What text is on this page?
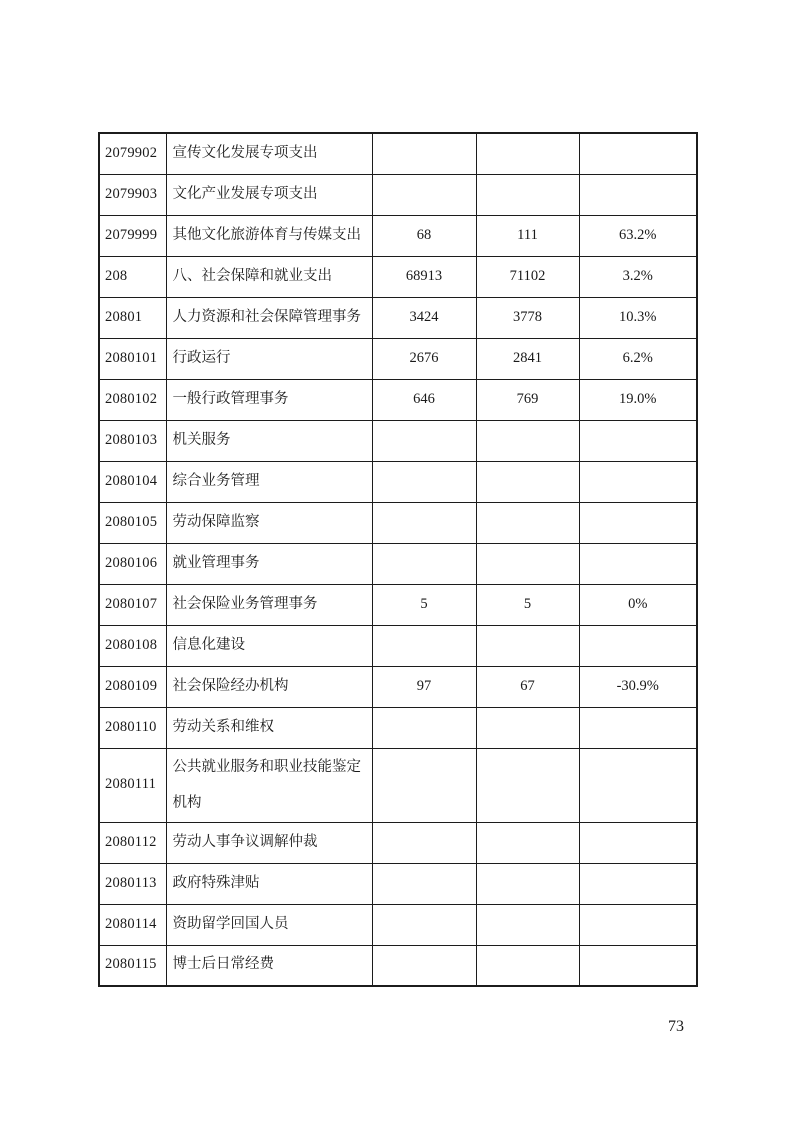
2079902	宣传文化发展专项支出			
2079903	文化产业发展专项支出			
2079999	其他文化旅游体育与传媒支出	68	111	63.2%
208	八、社会保障和就业支出	68913	71102	3.2%
20801	人力资源和社会保障管理事务	3424	3778	10.3%
2080101	行政运行	2676	2841	6.2%
2080102	一般行政管理事务	646	769	19.0%
2080103	机关服务			
2080104	综合业务管理			
2080105	劳动保障监察			
2080106	就业管理事务			
2080107	社会保险业务管理事务	5	5	0%
2080108	信息化建设			
2080109	社会保险经办机构	97	67	-30.9%
2080110	劳动关系和维权			
2080111	公共就业服务和职业技能鉴定机构			
2080112	劳动人事争议调解仲裁			
2080113	政府特殊津贴			
2080114	资助留学回国人员			
2080115	博士后日常经费			
73
